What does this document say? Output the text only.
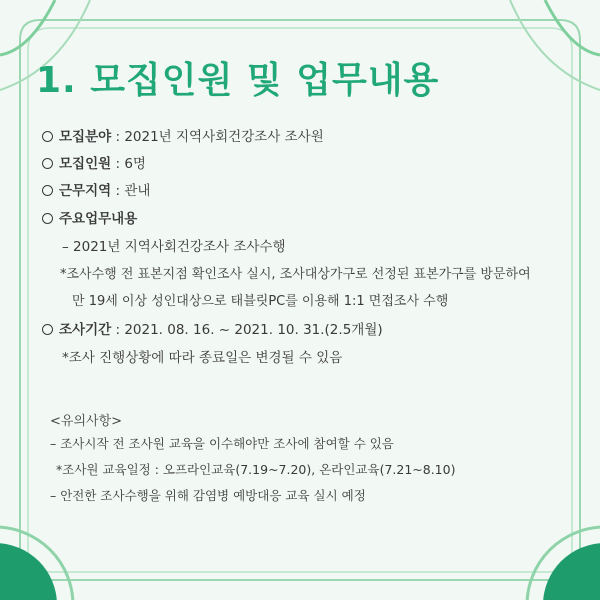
1. 모집인원 및 업무내용
모집분야 : 2021년 지역사회건강조사 조사원
모집인원 : 6명
근무지역 : 관내
주요업무내용
– 2021년 지역사회건강조사 조사수행
*조사수행 전 표본지점 확인조사 실시, 조사대상가구로 선정된 표본가구를 방문하여
만 19세 이상 성인대상으로 태블릿PC를 이용해 1:1 면접조사 수행
조사기간 : 2021. 08. 16. ~ 2021. 10. 31.(2.5개월)
*조사 진행상황에 따라 종료일은 변경될 수 있음
<유의사항>
– 조사시작 전 조사원 교육을 이수해야만 조사에 참여할 수 있음
*조사원 교육일정 : 오프라인교육(7.19~7.20), 온라인교육(7.21~8.10)
– 안전한 조사수행을 위해 감염병 예방대응 교육 실시 예정
